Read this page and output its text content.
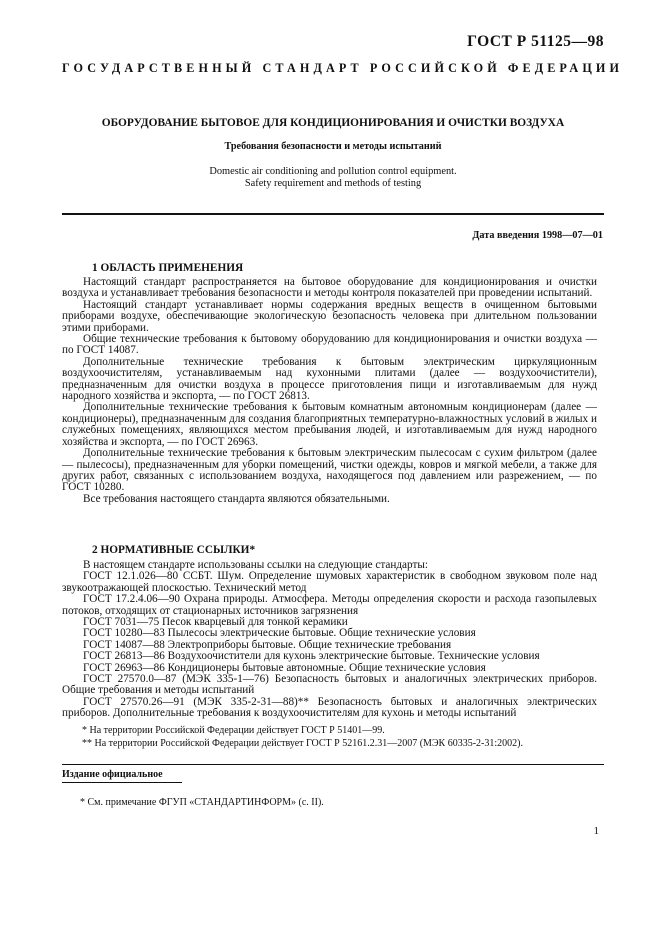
ГОСТ Р 51125—98
ГОСУДАРСТВЕННЫЙ СТАНДАРТ РОССИЙСКОЙ ФЕДЕРАЦИИ
ОБОРУДОВАНИЕ БЫТОВОЕ ДЛЯ КОНДИЦИОНИРОВАНИЯ И ОЧИСТКИ ВОЗДУХА
Требования безопасности и методы испытаний
Domestic air conditioning and pollution control equipment.
Safety requirement and methods of testing
Дата введения 1998—07—01
1 ОБЛАСТЬ ПРИМЕНЕНИЯ

Настоящий стандарт распространяется на бытовое оборудование для кондиционирования и очистки воздуха и устанавливает требования безопасности и методы контроля показателей при проведении испытаний.

Настоящий стандарт устанавливает нормы содержания вредных веществ в очищенном бытовыми приборами воздухе, обеспечивающие экологическую безопасность человека при длительном пользовании этими приборами.

Общие технические требования к бытовому оборудованию для кондиционирования и очистки воздуха — по ГОСТ 14087.

Дополнительные технические требования к бытовым электрическим циркуляционным воздухоочистителям, устанавливаемым над кухонными плитами (далее — воздухоочистители), предназначенным для очистки воздуха в процессе приготовления пищи и изготавливаемым для нужд народного хозяйства и экспорта, — по ГОСТ 26813.

Дополнительные технические требования к бытовым комнатным автономным кондиционерам (далее — кондиционеры), предназначенным для создания благоприятных температурно-влажностных условий в жилых и служебных помещениях, являющихся местом пребывания людей, и изготавливаемым для нужд народного хозяйства и экспорта, — по ГОСТ 26963.

Дополнительные технические требования к бытовым электрическим пылесосам с сухим фильтром (далее — пылесосы), предназначенным для уборки помещений, чистки одежды, ковров и мягкой мебели, а также для других работ, связанных с использованием воздуха, находящегося под давлением или разрежением, — по ГОСТ 10280.

Все требования настоящего стандарта являются обязательными.

2 НОРМАТИВНЫЕ ССЫЛКИ*

В настоящем стандарте использованы ссылки на следующие стандарты:

ГОСТ 12.1.026—80 ССБТ. Шум. Определение шумовых характеристик в свободном звуковом поле над звукоотражающей плоскостью. Технический метод

ГОСТ 17.2.4.06—90 Охрана природы. Атмосфера. Методы определения скорости и расхода газопылевых потоков, отходящих от стационарных источников загрязнения

ГОСТ 7031—75 Песок кварцевый для тонкой керамики

ГОСТ 10280—83 Пылесосы электрические бытовые. Общие технические условия

ГОСТ 14087—88 Электроприборы бытовые. Общие технические требования

ГОСТ 26813—86 Воздухоочистители для кухонь электрические бытовые. Технические условия

ГОСТ 26963—86 Кондиционеры бытовые автономные. Общие технические условия

ГОСТ 27570.0—87 (МЭК 335-1—76) Безопасность бытовых и аналогичных электрических приборов. Общие требования и методы испытаний

ГОСТ 27570.26—91 (МЭК 335-2-31—88)** Безопасность бытовых и аналогичных электрических приборов. Дополнительные требования к воздухоочистителям для кухонь и методы испытаний

* На территории Российской Федерации действует ГОСТ Р 51401—99.

** На территории Российской Федерации действует ГОСТ Р 52161.2.31—2007 (МЭК 60335-2-31:2002).

Издание официальное
* См. примечание ФГУП «СТАНДАРТИНФОРМ» (с. II).
1
